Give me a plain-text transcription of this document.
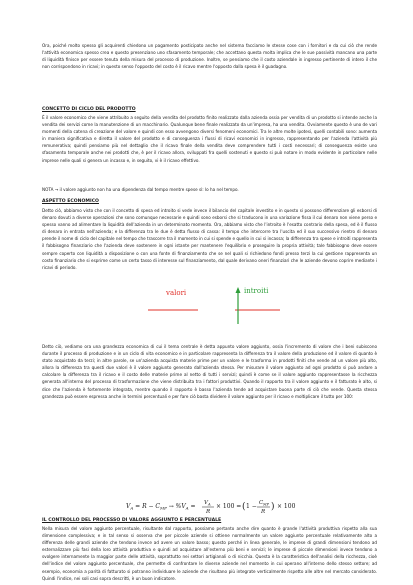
Ora, poiché molto spesso gli acquirenti chiedono un pagamento posticipato anche nel sistema facciamo le stesse cose con i fornitori e da cui ciò che rende l'attività economica spesso crea e questo presenziano uno sfasamento temporale; che accettano questa molta implica che le sue passività mancano una parte di liquidità finisce per essere tenuta della misura del processo di produzione. Inoltre, se pensiamo che il costo aziendale in ingresso pertinente di intero il che non corrispondono in ricavi; in questo senso l'opposto del costo è il ricavo mentre l'opposto dalla spesa è il guadagno.

CONCETTO DI CICLO DEL PRODOTTO

È il valore economico che viene attribuito a seguito della vendita del prodotto finito realizzato dalla azienda ossia per vendita di un prodotto si intende anche la vendita dei servizi come la manutenzione di un macchinario. Qualunque bene finale realizzato da un'impresa, ha una vendita. Ovviamente questo è uno de vari momenti della catena di creazione del valore e quindi con esso avvengono diversi fenomeni economici. Tra le altre molte ipotesi, quelli contabili sono: aumenta in maniera significativa e diretta il valore del prodotto e di conseguenza i flussi di ricavi economici in ingresso, rappresentando per l'azienda l'attività più remunerativa; quindi pensiamo più nel dettaglio che il ricavo finale della vendita deve comprendere tutti i costi necessari; di conseguenza esiste uno sfasamento temporale anche nei prodotti che, è per il ricavo allora, sviluppati fra quelli sostenuti e questo si può notare in modo evidente in particolare nelle imprese nelle quali si genera un incasso e, in seguito, vi è il ricavo effettivo.

NOTA → il valore aggiunto non ha una dipendenza dal tempo mentre spese sì: lo ha nel tempo.

ASPETTO ECONOMICO

Detto ciò, abbiamo visto che con il concetto di spesa ed introito si vede invece il bilancio del capitale investito e in questo si possono differenziare gli esborsi di denaro dovuti a diverse operazioni che sono comunque necessarie e quindi sono esborsi che si traducono in una variazione fissa il cui denaro non viene perso e spesso vanno ad alimentare la liquidità dell'azienda in un determinato momento. Ora, abbiamo visto che l'introito è l'esatto contrario della spesa, ed è il flusso di denaro in entrata nell'azienda; e la differenza tra le due è detta flusso di cassa: il tempo che intercorre tra l'uscita ed il suo successivo rientro di denaro prende il nome di ciclo del capitale nel tempo che trascorre tra il momento in cui si spende e quello in cui si incassa; la differenza tra spese e introiti rappresenta il fabbisogno finanziario che l'azienda deve sostenere in ogni istante per mantenere l'equilibrio e proseguire la propria attività; tale fabbisogno deve essere sempre coperto con liquidità a disposizione o con una fonte di finanziamento che se nel quali si richiedono fondi presso terzi la cui gestione rappresenta un costo finanziario che si esprime come un certo tasso di interesse sul finanziamento, dal quale derivano oneri finanziari che le aziende devono coprire mediante i ricavi di periodo.

valori	introiti

Detto ciò, vediamo ora una grandezza economica di cui il tema centrale è detta appunto valore aggiunto, ossia l'incremento di valore che i beni subiscono durante il processo di produzione e in un ciclo di vita economico e in particolare rappresenta la differenza tra il valore della produzione ed il valore di quanto è stato acquistato da terzi; in altre parole, se un'azienda acquista materie prime per un valore e le trasforma in prodotti finiti che vende ad un valore più alto, allora la differenza tra questi due valori è il valore aggiunto generato dall'azienda stessa. Per misurare il valore aggiunto ad ogni prodotto si può andare a calcolare la differenza tra il ricavo e il costo delle materie prime al netto di tutti i servizi; quindi è come se il valore aggiunto rappresentasse la ricchezza generata all'interno del processo di trasformazione che viene distribuita tra i fattori produttivi. Quando il rapporto tra il valore aggiunto e il fatturato è alto, si dice che l'azienda è fortemente integrata, mentre quando il rapporto è basso l'azienda tende ad acquistare buona parte di ciò che vende. Questa stessa grandezza può essere espressa anche in termini percentuali e per fare ciò basta dividere il valore aggiunto per il ricavo e moltiplicare il tutto per 100:

$V_A = R - C_{MP} \to \%V_A = V$ A
R
× 100 = ( 1 − C MP
R ) × 100

IL CONTROLLO DEL PROCESSO DI VALORE AGGIUNTO E PERCENTUALE

Nella misura del valore aggiunto percentuale, risultante dal rapporto, possiamo pertanto anche dire quanto è grande l'attività produttiva rispetto alla sua dimensione complessiva; e in tal senso si osserva che per piccole aziende si ottiene normalmente un valore aggiunto percentuale relativamente alto a differenza delle grandi aziende che tendono invece ad avere un valore basso; questo perché in linea generale, le imprese di grandi dimensioni tendono ad esternalizzare più fasi della loro attività produttiva e quindi ad acquistare all'esterno più beni e servizi; le imprese di piccole dimensioni invece tendono a svolgere internamente la maggior parte delle attività, soprattutto nei settori artigianali o di nicchia. Questa è la caratteristica dell'analisi della ricchezza, cioè dell'indice del valore aggiunto percentuale, che permette di confrontare le diverse aziende nel momento in cui operano all'interno dello stesso settore; ad esempio, economia a parità di fatturato si potranno individuare le aziende che risultano più integrate verticalmente rispetto alle altre nel mercato considerato. Quindi l'indice, nei soli casi sopra descritti, è un buon indicatore.
